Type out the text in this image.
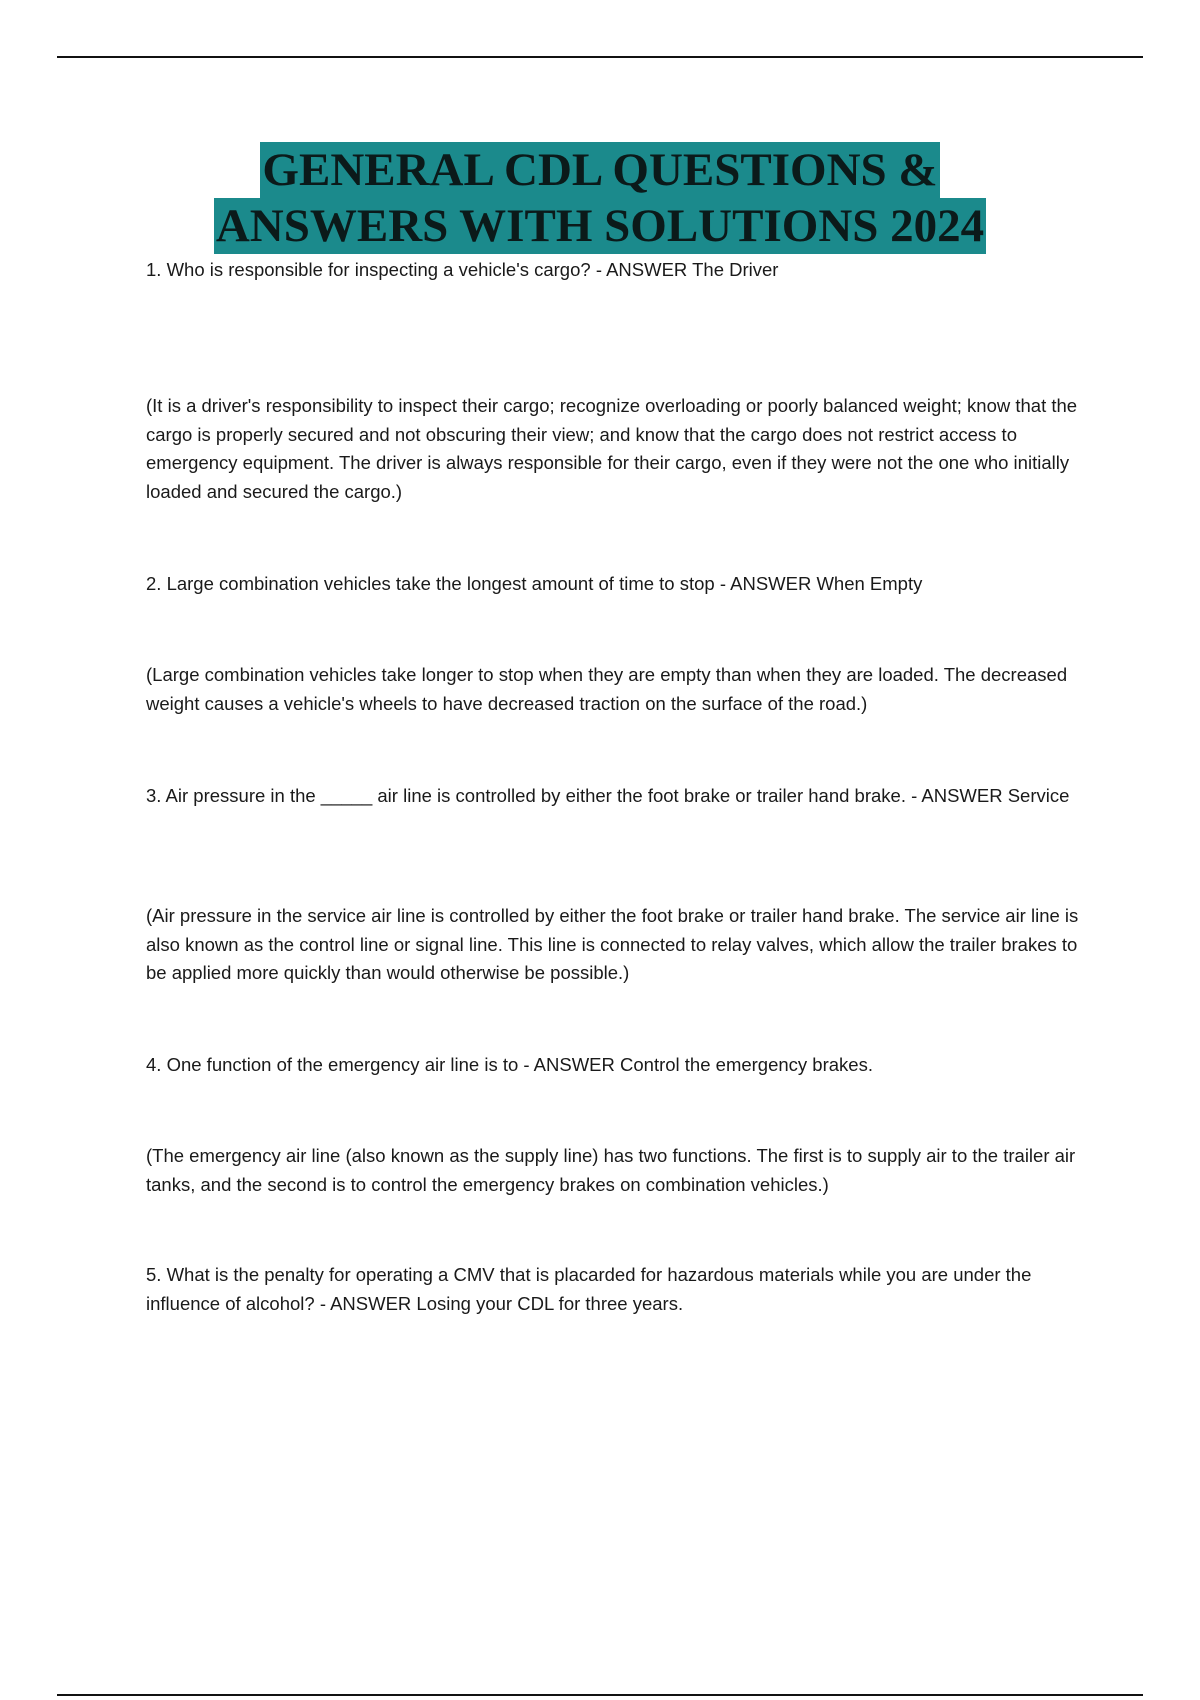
GENERAL CDL QUESTIONS &
ANSWERS WITH SOLUTIONS 2024

1. Who is responsible for inspecting a vehicle's cargo? - ANSWER The Driver

(It is a driver's responsibility to inspect their cargo; recognize overloading or poorly balanced weight; know that the cargo is properly secured and not obscuring their view; and know that the cargo does not restrict access to emergency equipment. The driver is always responsible for their cargo, even if they were not the one who initially loaded and secured the cargo.)

2. Large combination vehicles take the longest amount of time to stop - ANSWER When Empty

(Large combination vehicles take longer to stop when they are empty than when they are loaded. The decreased weight causes a vehicle's wheels to have decreased traction on the surface of the road.)

3. Air pressure in the _____ air line is controlled by either the foot brake or trailer hand brake. - ANSWER Service

(Air pressure in the service air line is controlled by either the foot brake or trailer hand brake. The service air line is also known as the control line or signal line. This line is connected to relay valves, which allow the trailer brakes to be applied more quickly than would otherwise be possible.)

4. One function of the emergency air line is to - ANSWER Control the emergency brakes.

(The emergency air line (also known as the supply line) has two functions. The first is to supply air to the trailer air tanks, and the second is to control the emergency brakes on combination vehicles.)

5. What is the penalty for operating a CMV that is placarded for hazardous materials while you are under the influence of alcohol? - ANSWER Losing your CDL for three years.
